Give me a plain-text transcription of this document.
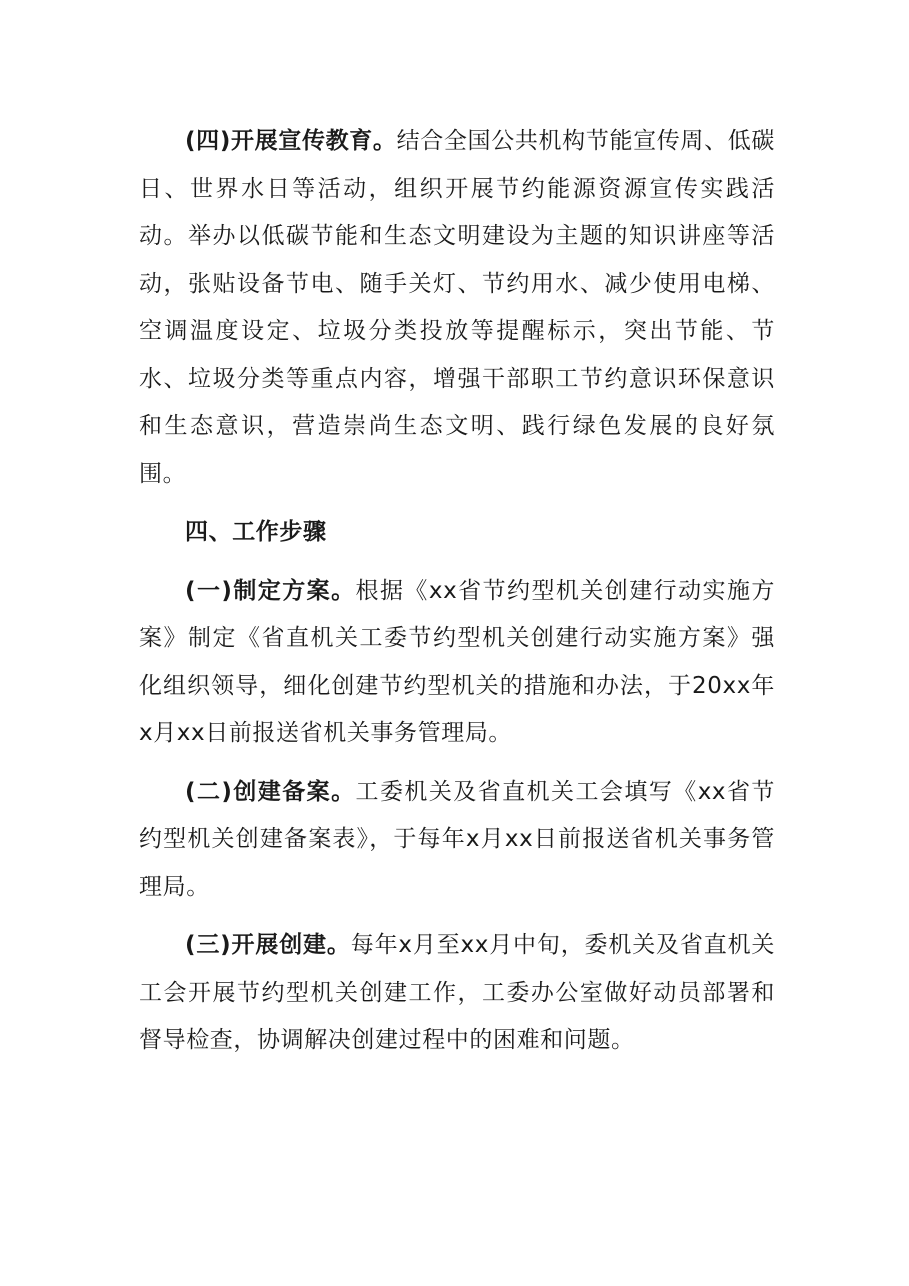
(四)开展宣传教育。结合全国公共机构节能宣传周、低碳日、世界水日等活动，组织开展节约能源资源宣传实践活动。举办以低碳节能和生态文明建设为主题的知识讲座等活动，张贴设备节电、随手关灯、节约用水、减少使用电梯、空调温度设定、垃圾分类投放等提醒标示，突出节能、节水、垃圾分类等重点内容，增强干部职工节约意识环保意识和生态意识，营造崇尚生态文明、践行绿色发展的良好氛围。

四、工作步骤

(一)制定方案。根据《xx省节约型机关创建行动实施方案》制定《省直机关工委节约型机关创建行动实施方案》强化组织领导，细化创建节约型机关的措施和办法，于20xx年x月xx日前报送省机关事务管理局。

(二)创建备案。工委机关及省直机关工会填写《xx省节约型机关创建备案表》，于每年x月xx日前报送省机关事务管理局。

(三)开展创建。每年x月至xx月中旬，委机关及省直机关工会开展节约型机关创建工作，工委办公室做好动员部署和督导检查，协调解决创建过程中的困难和问题。
